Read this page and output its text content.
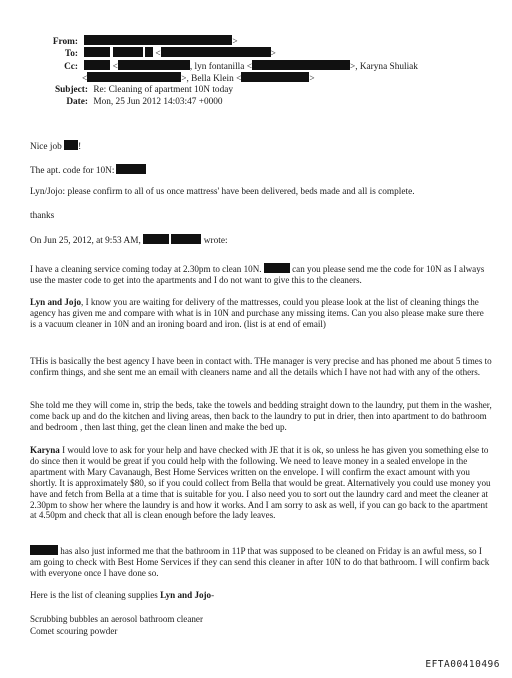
From:	>
To:	<	>
Cc:	<	, lyn fontanilla <	>, Karyna Shuliak
<	>, Bella Klein <	>
Subject: Re: Cleaning of apartment 10N today
Date: Mon, 25 Jun 2012 14:03:47 +0000
Nice job !
The apt. code for 10N:
Lyn/Jojo: please confirm to all of us once mattress' have been delivered, beds made and all is complete.
thanks
On Jun 25, 2012, at 9:53 AM,	wrote:

I have a cleaning service coming today at 2.30pm to clean 10N.	can you please send me the code for 10N as I always use the master code to get into the apartments and I do not want to give this to the cleaners.

Lyn and Jojo, I know you are waiting for delivery of the mattresses, could you please look at the list of cleaning things the agency has given me and compare with what is in 10N and purchase any missing items. Can you also please make sure there is a vacuum cleaner in 10N and an ironing board and iron. (list is at end of email)

THis is basically the best agency I have been in contact with. THe manager is very precise and has phoned me about 5 times to confirm things, and she sent me an email with cleaners name and all the details which I have not had with any of the others.

She told me they will come in, strip the beds, take the towels and bedding straight down to the laundry, put them in the washer, come back up and do the kitchen and living areas, then back to the laundry to put in drier, then into apartment to do bathroom and bedroom , then last thing, get the clean linen and make the bed up.

Karyna I would love to ask for your help and have checked with JE that it is ok, so unless he has given you something else to do since then it would be great if you could help with the following. We need to leave money in a sealed envelope in the apartment with Mary Cavanaugh, Best Home Services written on the envelope. I will confirm the exact amount with you shortly. It is approximately $80, so if you could collect from Bella that would be great. Alternatively you could use money you have and fetch from Bella at a time that is suitable for you. I also need you to sort out the laundry card and meet the cleaner at 2.30pm to show her where the laundry is and how it works. And I am sorry to ask as well, if you can go back to the apartment at 4.50pm and check that all is clean enough before the lady leaves.

has also just informed me that the bathroom in 11P that was supposed to be cleaned on Friday is an awful mess, so I am going to check with Best Home Services if they can send this cleaner in after 10N to do that bathroom. I will confirm back with everyone once I have done so.

Here is the list of cleaning supplies Lyn and Jojo-

Scrubbing bubbles an aerosol bathroom cleaner

Comet scouring powder

EFTA00410496
